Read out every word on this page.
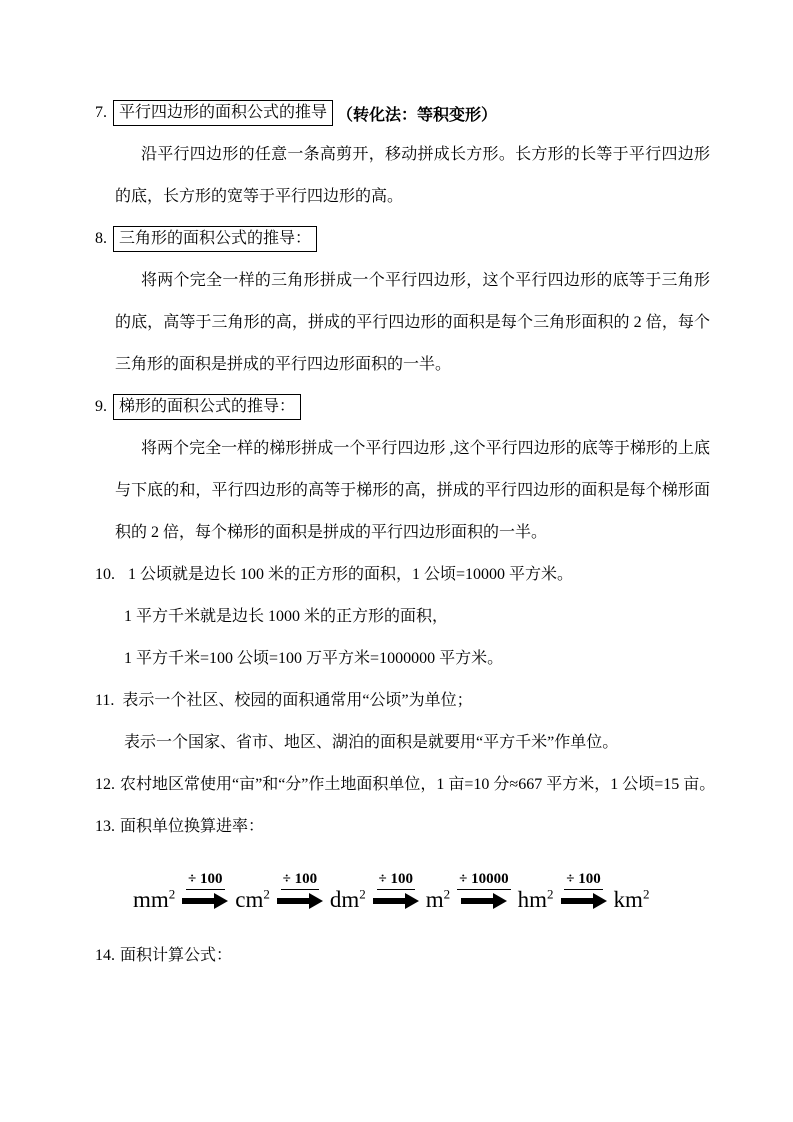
7. 平行四边形的面积公式的推导 （转化法：等积变形）
沿平行四边形的任意一条高剪开，移动拼成长方形。长方形的长等于平行四边形的底，长方形的宽等于平行四边形的高。
8. 三角形的面积公式的推导：
将两个完全一样的三角形拼成一个平行四边形，这个平行四边形的底等于三角形的底，高等于三角形的高，拼成的平行四边形的面积是每个三角形面积的 2 倍，每个三角形的面积是拼成的平行四边形面积的一半。
9. 梯形的面积公式的推导：
将两个完全一样的梯形拼成一个平行四边形 ,这个平行四边形的底等于梯形的上底与下底的和，平行四边形的高等于梯形的高，拼成的平行四边形的面积是每个梯形面积的 2 倍，每个梯形的面积是拼成的平行四边形面积的一半。
10. 1 公顷就是边长 100 米的正方形的面积，1 公顷=10000 平方米。
1 平方千米就是边长 1000 米的正方形的面积，
1 平方千米=100 公顷=100 万平方米=1000000 平方米。
11. 表示一个社区、校园的面积通常用“公顷”为单位；
表示一个国家、省市、地区、湖泊的面积是就要用“平方千米”作单位。
12. 农村地区常使用“亩”和“分”作土地面积单位，1 亩=10 分≈667 平方米，1 公顷=15 亩。
13. 面积单位换算进率：
$mm^2$
÷ 100
$cm^2$
÷ 100
$dm^2$
÷ 100
$m^2$
÷ 10000
$hm^2$
÷ 100
$km^2$
14. 面积计算公式：
